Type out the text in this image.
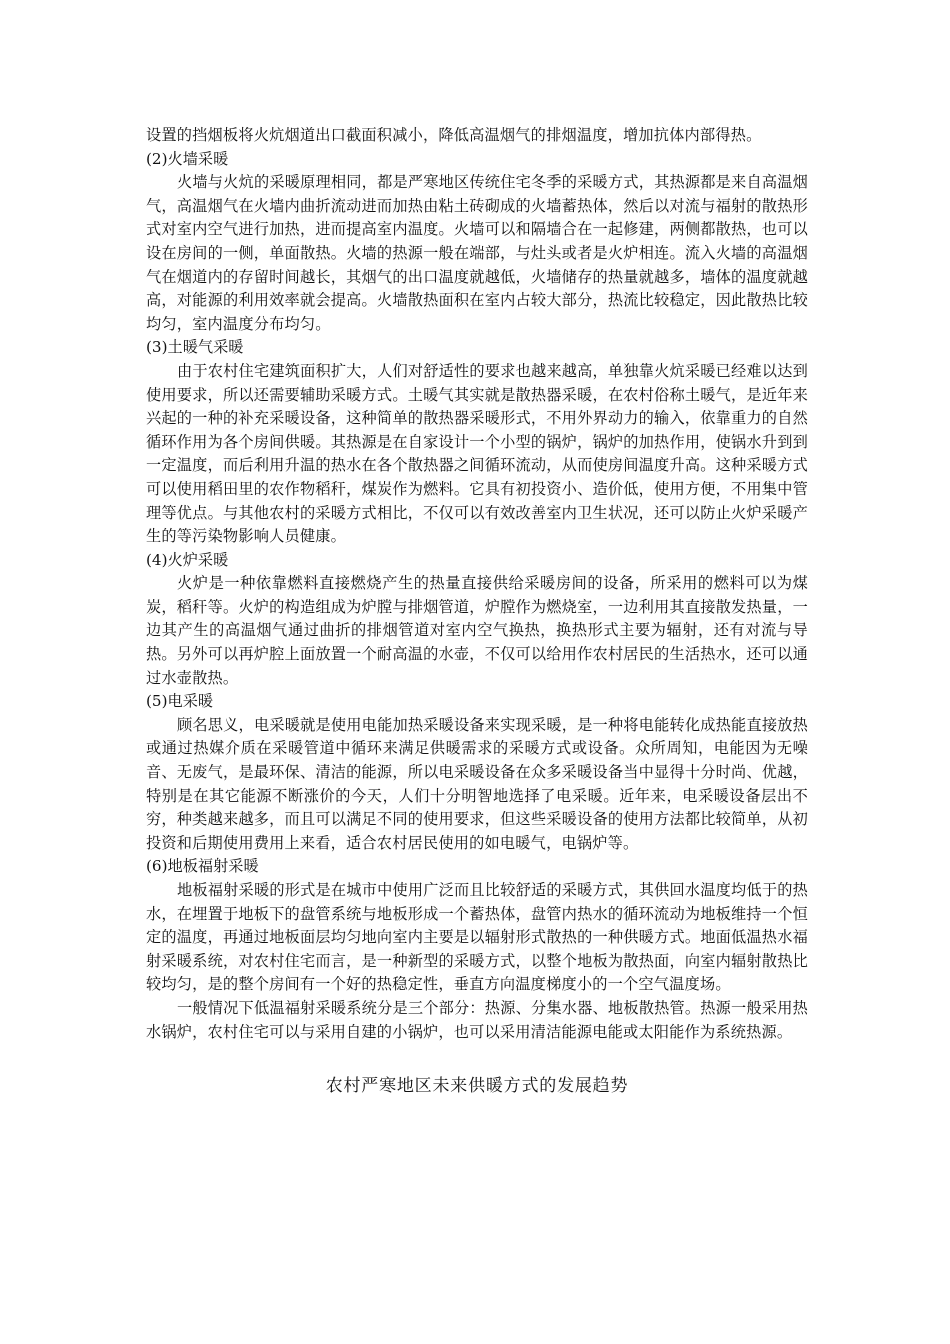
设置的挡烟板将火炕烟道出口截面积减小，降低高温烟气的排烟温度，增加抗体内部得热。

(2)火墙采暖

火墙与火炕的采暖原理相同，都是严寒地区传统住宅冬季的采暖方式，其热源都是来自高温烟气，高温烟气在火墙内曲折流动进而加热由粘土砖砌成的火墙蓄热体，然后以对流与福射的散热形式对室内空气进行加热，进而提高室内温度。火墙可以和隔墙合在一起修建，两侧都散热，也可以设在房间的一侧，单面散热。火墙的热源一般在端部，与灶头或者是火炉相连。流入火墙的高温烟气在烟道内的存留时间越长，其烟气的出口温度就越低，火墙储存的热量就越多，墙体的温度就越高，对能源的利用效率就会提高。火墙散热面积在室内占较大部分，热流比较稳定，因此散热比较均匀，室内温度分布均匀。

(3)土暖气采暖

由于农村住宅建筑面积扩大，人们对舒适性的要求也越来越高，单独靠火炕采暖已经难以达到使用要求，所以还需要辅助采暖方式。土暖气其实就是散热器采暖，在农村俗称土暖气，是近年来兴起的一种的补充采暖设备，这种简单的散热器采暖形式，不用外界动力的输入，依靠重力的自然循环作用为各个房间供暖。其热源是在自家设计一个小型的锅炉，锅炉的加热作用，使锅水升到到一定温度，而后利用升温的热水在各个散热器之间循环流动，从而使房间温度升高。这种采暖方式可以使用稻田里的农作物稻秆，煤炭作为燃料。它具有初投资小、造价低，使用方便，不用集中管理等优点。与其他农村的采暖方式相比，不仅可以有效改善室内卫生状况，还可以防止火炉采暖产生的等污染物影响人员健康。

(4)火炉采暖

火炉是一种依靠燃料直接燃烧产生的热量直接供给采暖房间的设备，所采用的燃料可以为煤炭，稻秆等。火炉的构造组成为炉膛与排烟管道，炉膛作为燃烧室，一边利用其直接散发热量，一边其产生的高温烟气通过曲折的排烟管道对室内空气换热，换热形式主要为辐射，还有对流与导热。另外可以再炉腔上面放置一个耐高温的水壶，不仅可以给用作农村居民的生活热水，还可以通过水壶散热。

(5)电采暖

顾名思义，电采暖就是使用电能加热采暖设备来实现采暖，是一种将电能转化成热能直接放热或通过热媒介质在采暖管道中循环来满足供暖需求的采暖方式或设备。众所周知，电能因为无噪音、无废气，是最环保、清洁的能源，所以电采暖设备在众多采暖设备当中显得十分时尚、优越，特别是在其它能源不断涨价的今天，人们十分明智地选择了电采暖。近年来，电采暖设备层出不穷，种类越来越多，而且可以满足不同的使用要求，但这些采暖设备的使用方法都比较简单，从初投资和后期使用费用上来看，适合农村居民使用的如电暖气，电锅炉等。

(6)地板福射采暖

地板福射采暖的形式是在城市中使用广泛而且比较舒适的采暖方式，其供回水温度均低于的热水，在埋置于地板下的盘管系统与地板形成一个蓄热体，盘管内热水的循环流动为地板维持一个恒定的温度，再通过地板面层均匀地向室内主要是以辐射形式散热的一种供暖方式。地面低温热水福射采暖系统，对农村住宅而言，是一种新型的采暖方式，以整个地板为散热面，向室内辐射散热比较均匀，是的整个房间有一个好的热稳定性，垂直方向温度梯度小的一个空气温度场。

一般情况下低温福射采暖系统分是三个部分：热源、分集水器、地板散热管。热源一般采用热水锅炉，农村住宅可以与采用自建的小锅炉，也可以采用清洁能源电能或太阳能作为系统热源。

农村严寒地区未来供暖方式的发展趋势
